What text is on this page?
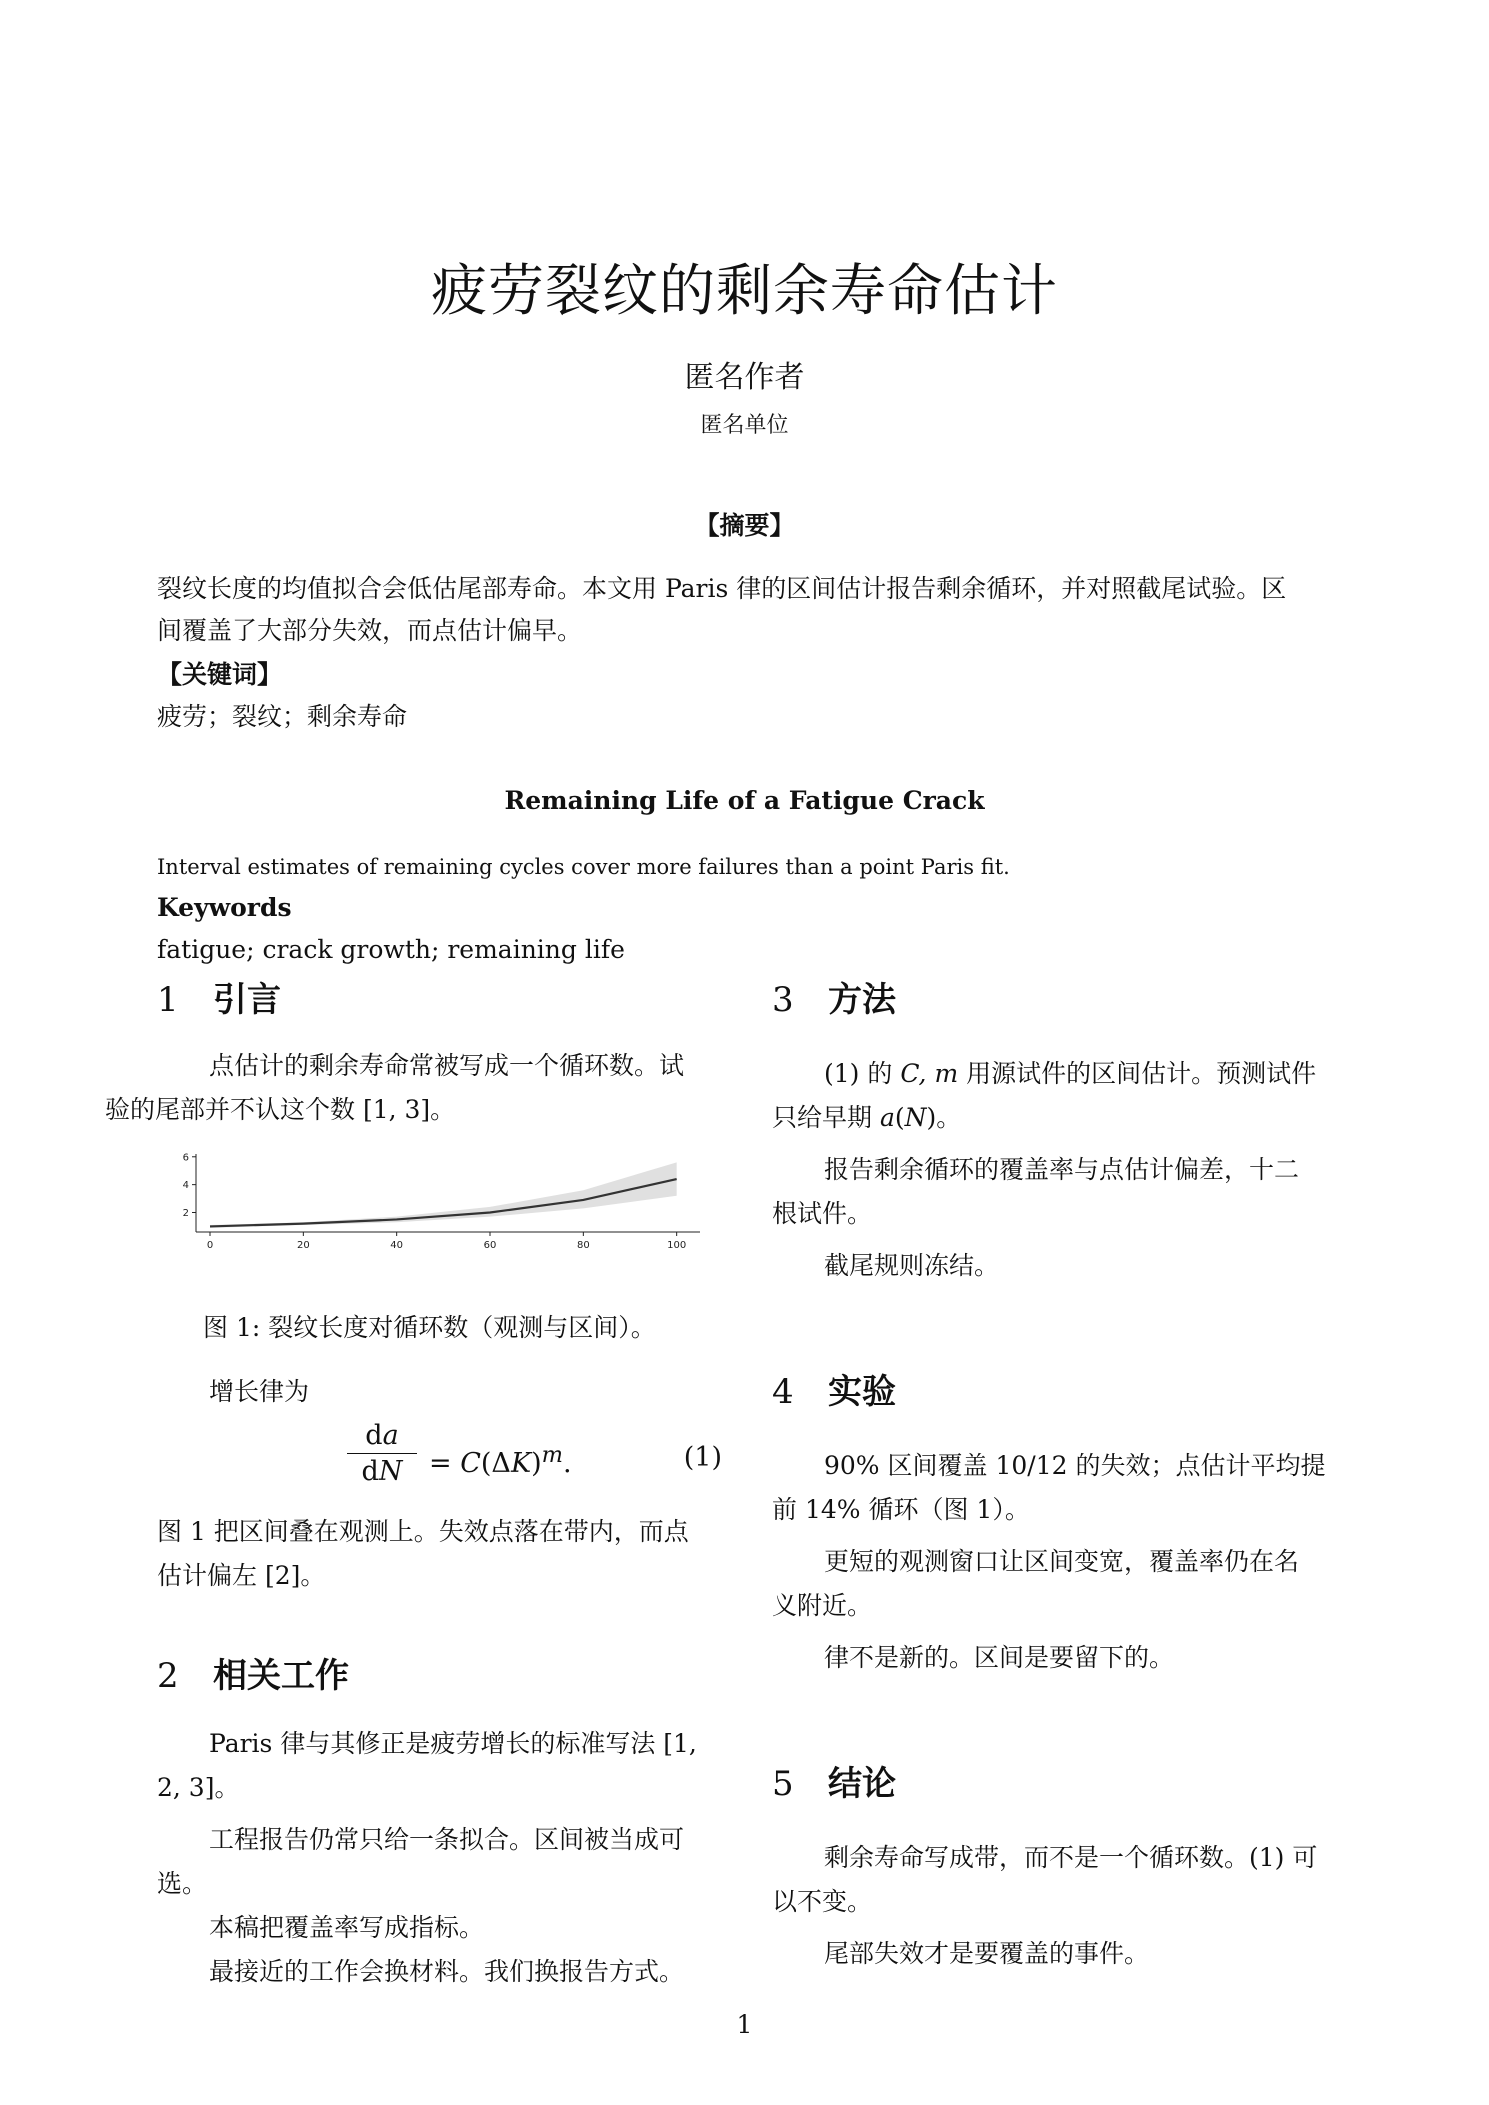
疲劳裂纹的剩余寿命估计
匿名作者
匿名单位
【摘要】
裂纹长度的均值拟合会低估尾部寿命。本文用 Paris 律的区间估计报告剩余循环，并对照截尾试验。区
间覆盖了大部分失效，而点估计偏早。
【关键词】
疲劳；裂纹；剩余寿命
Remaining Life of a Fatigue Crack
Interval estimates of remaining cycles cover more failures than a point Paris fit.
Keywords
fatigue; crack growth; remaining life
1 引言

点估计的剩余寿命常被写成一个循环数。试
验的尾部并不认这个数 [1, 3]。

0	20	40	60	80	100
2
4
6
图 1: 裂纹长度对循环数（观测与区间）。

增长律为

$\frac{da}{dN} = C(\Delta K)^m$.	(1)

图 1 把区间叠在观测上。失效点落在带内，而点
估计偏左 [2]。

2 相关工作

Paris 律与其修正是疲劳增长的标准写法 [1,

2, 3]。

工程报告仍常只给一条拟合。区间被当成可

选。

本稿把覆盖率写成指标。

最接近的工作会换材料。我们换报告方式。

3 方法

(1) 的 C, m 用源试件的区间估计。预测试件

只给早期 a(N)。

报告剩余循环的覆盖率与点估计偏差，十二

根试件。

截尾规则冻结。

4 实验

90% 区间覆盖 10/12 的失效；点估计平均提

前 14% 循环（图 1）。

更短的观测窗口让区间变宽，覆盖率仍在名

义附近。

律不是新的。区间是要留下的。

5 结论

剩余寿命写成带，而不是一个循环数。(1) 可

以不变。

尾部失效才是要覆盖的事件。

1
